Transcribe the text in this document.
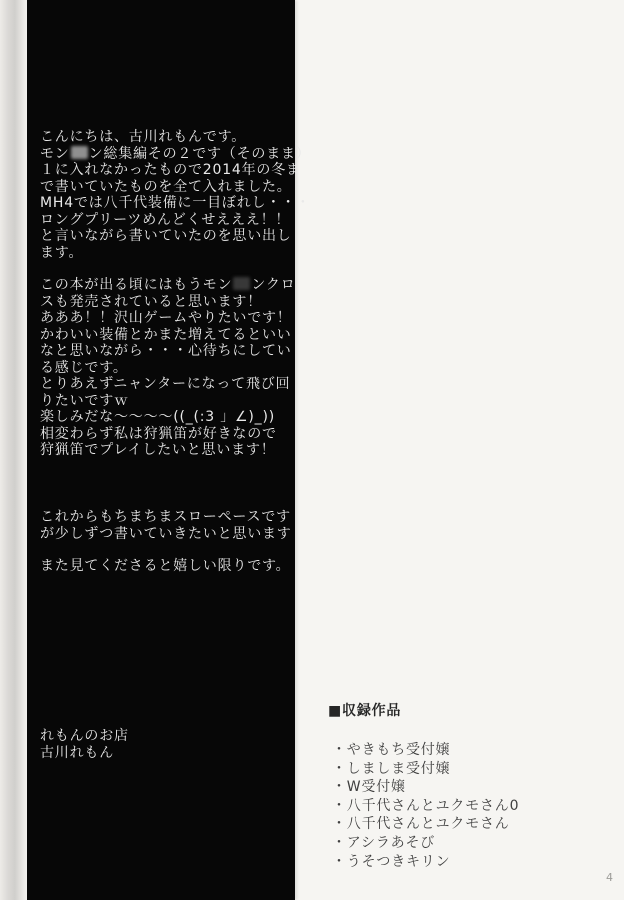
こんにちは、古川れもんです。
モン ン総集編その２です（そのまま）
１に入れなかったもので2014年の冬ま
で書いていたものを全て入れました。
MH4では八千代装備に一目ぼれし・・・
ロングプリーツめんどくせえええ！！
と言いながら書いていたのを思い出し
ます。
この本が出る頃にはもうモン ンクロ
スも発売されていると思います！
あああ！！沢山ゲームやりたいです！
かわいい装備とかまた増えてるといい
なと思いながら・・・心待ちにしてい
る感じです。
とりあえずニャンターになって飛び回
りたいですｗ
楽しみだな～～～～((_(:3 」∠)_))
相変わらず私は狩猟笛が好きなので
狩猟笛でプレイしたいと思います！
これからもちまちまスローペースです
が少しずつ書いていきたいと思います
また見てくださると嬉しい限りです。
れもんのお店
古川れもん
■収録作品
・やきもち受付嬢
・しましま受付嬢
・W受付嬢
・八千代さんとユクモさん0
・八千代さんとユクモさん
・アシラあそび
・うそつきキリン
4
